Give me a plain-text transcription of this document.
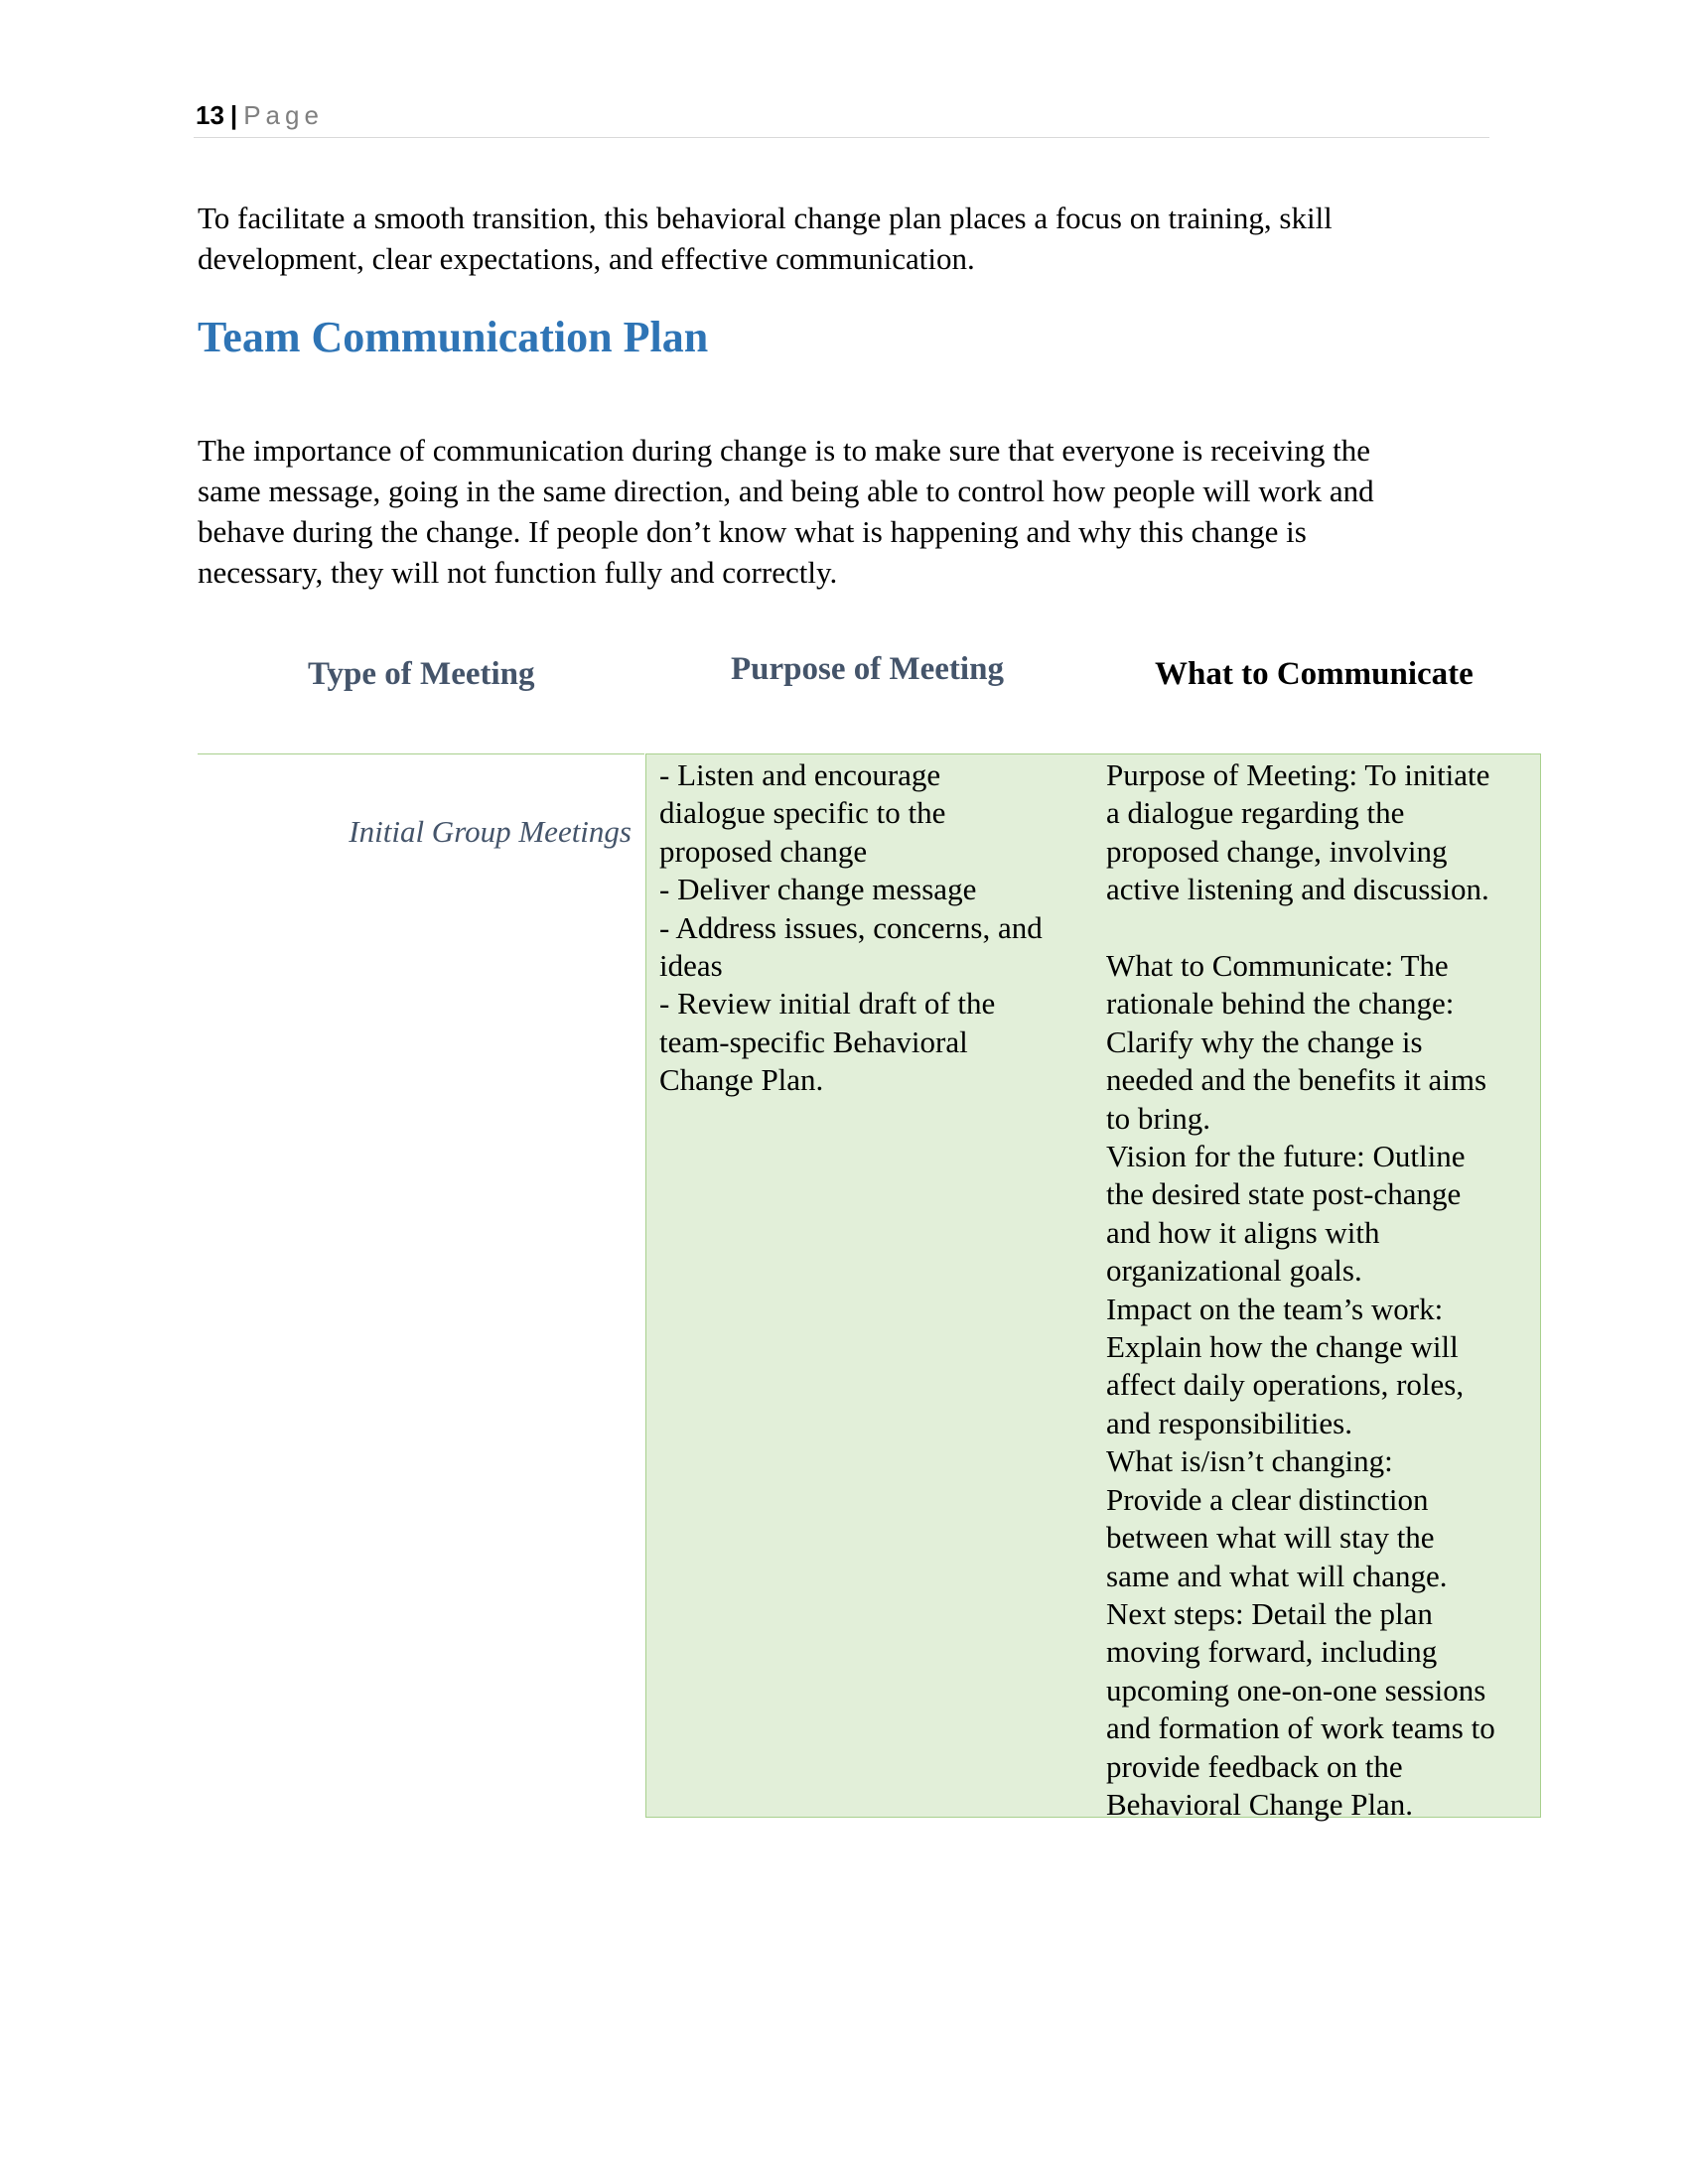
13 | Page

To facilitate a smooth transition, this behavioral change plan places a focus on training, skill
development, clear expectations, and effective communication.

Team Communication Plan

The importance of communication during change is to make sure that everyone is receiving the
same message, going in the same direction, and being able to control how people will work and
behave during the change. If people don’t know what is happening and why this change is
necessary, they will not function fully and correctly.

Type of Meeting	Purpose of Meeting	What to Communicate
Initial Group Meetings
- Listen and encourage
dialogue specific to the
proposed change
- Deliver change message
- Address issues, concerns, and
ideas
- Review initial draft of the
team-specific Behavioral
Change Plan.
Purpose of Meeting: To initiate
a dialogue regarding the
proposed change, involving
active listening and discussion.
What to Communicate: The
rationale behind the change:
Clarify why the change is
needed and the benefits it aims
to bring.
Vision for the future: Outline
the desired state post-change
and how it aligns with
organizational goals.
Impact on the team’s work:
Explain how the change will
affect daily operations, roles,
and responsibilities.
What is/isn’t changing:
Provide a clear distinction
between what will stay the
same and what will change.
Next steps: Detail the plan
moving forward, including
upcoming one-on-one sessions
and formation of work teams to
provide feedback on the
Behavioral Change Plan.
